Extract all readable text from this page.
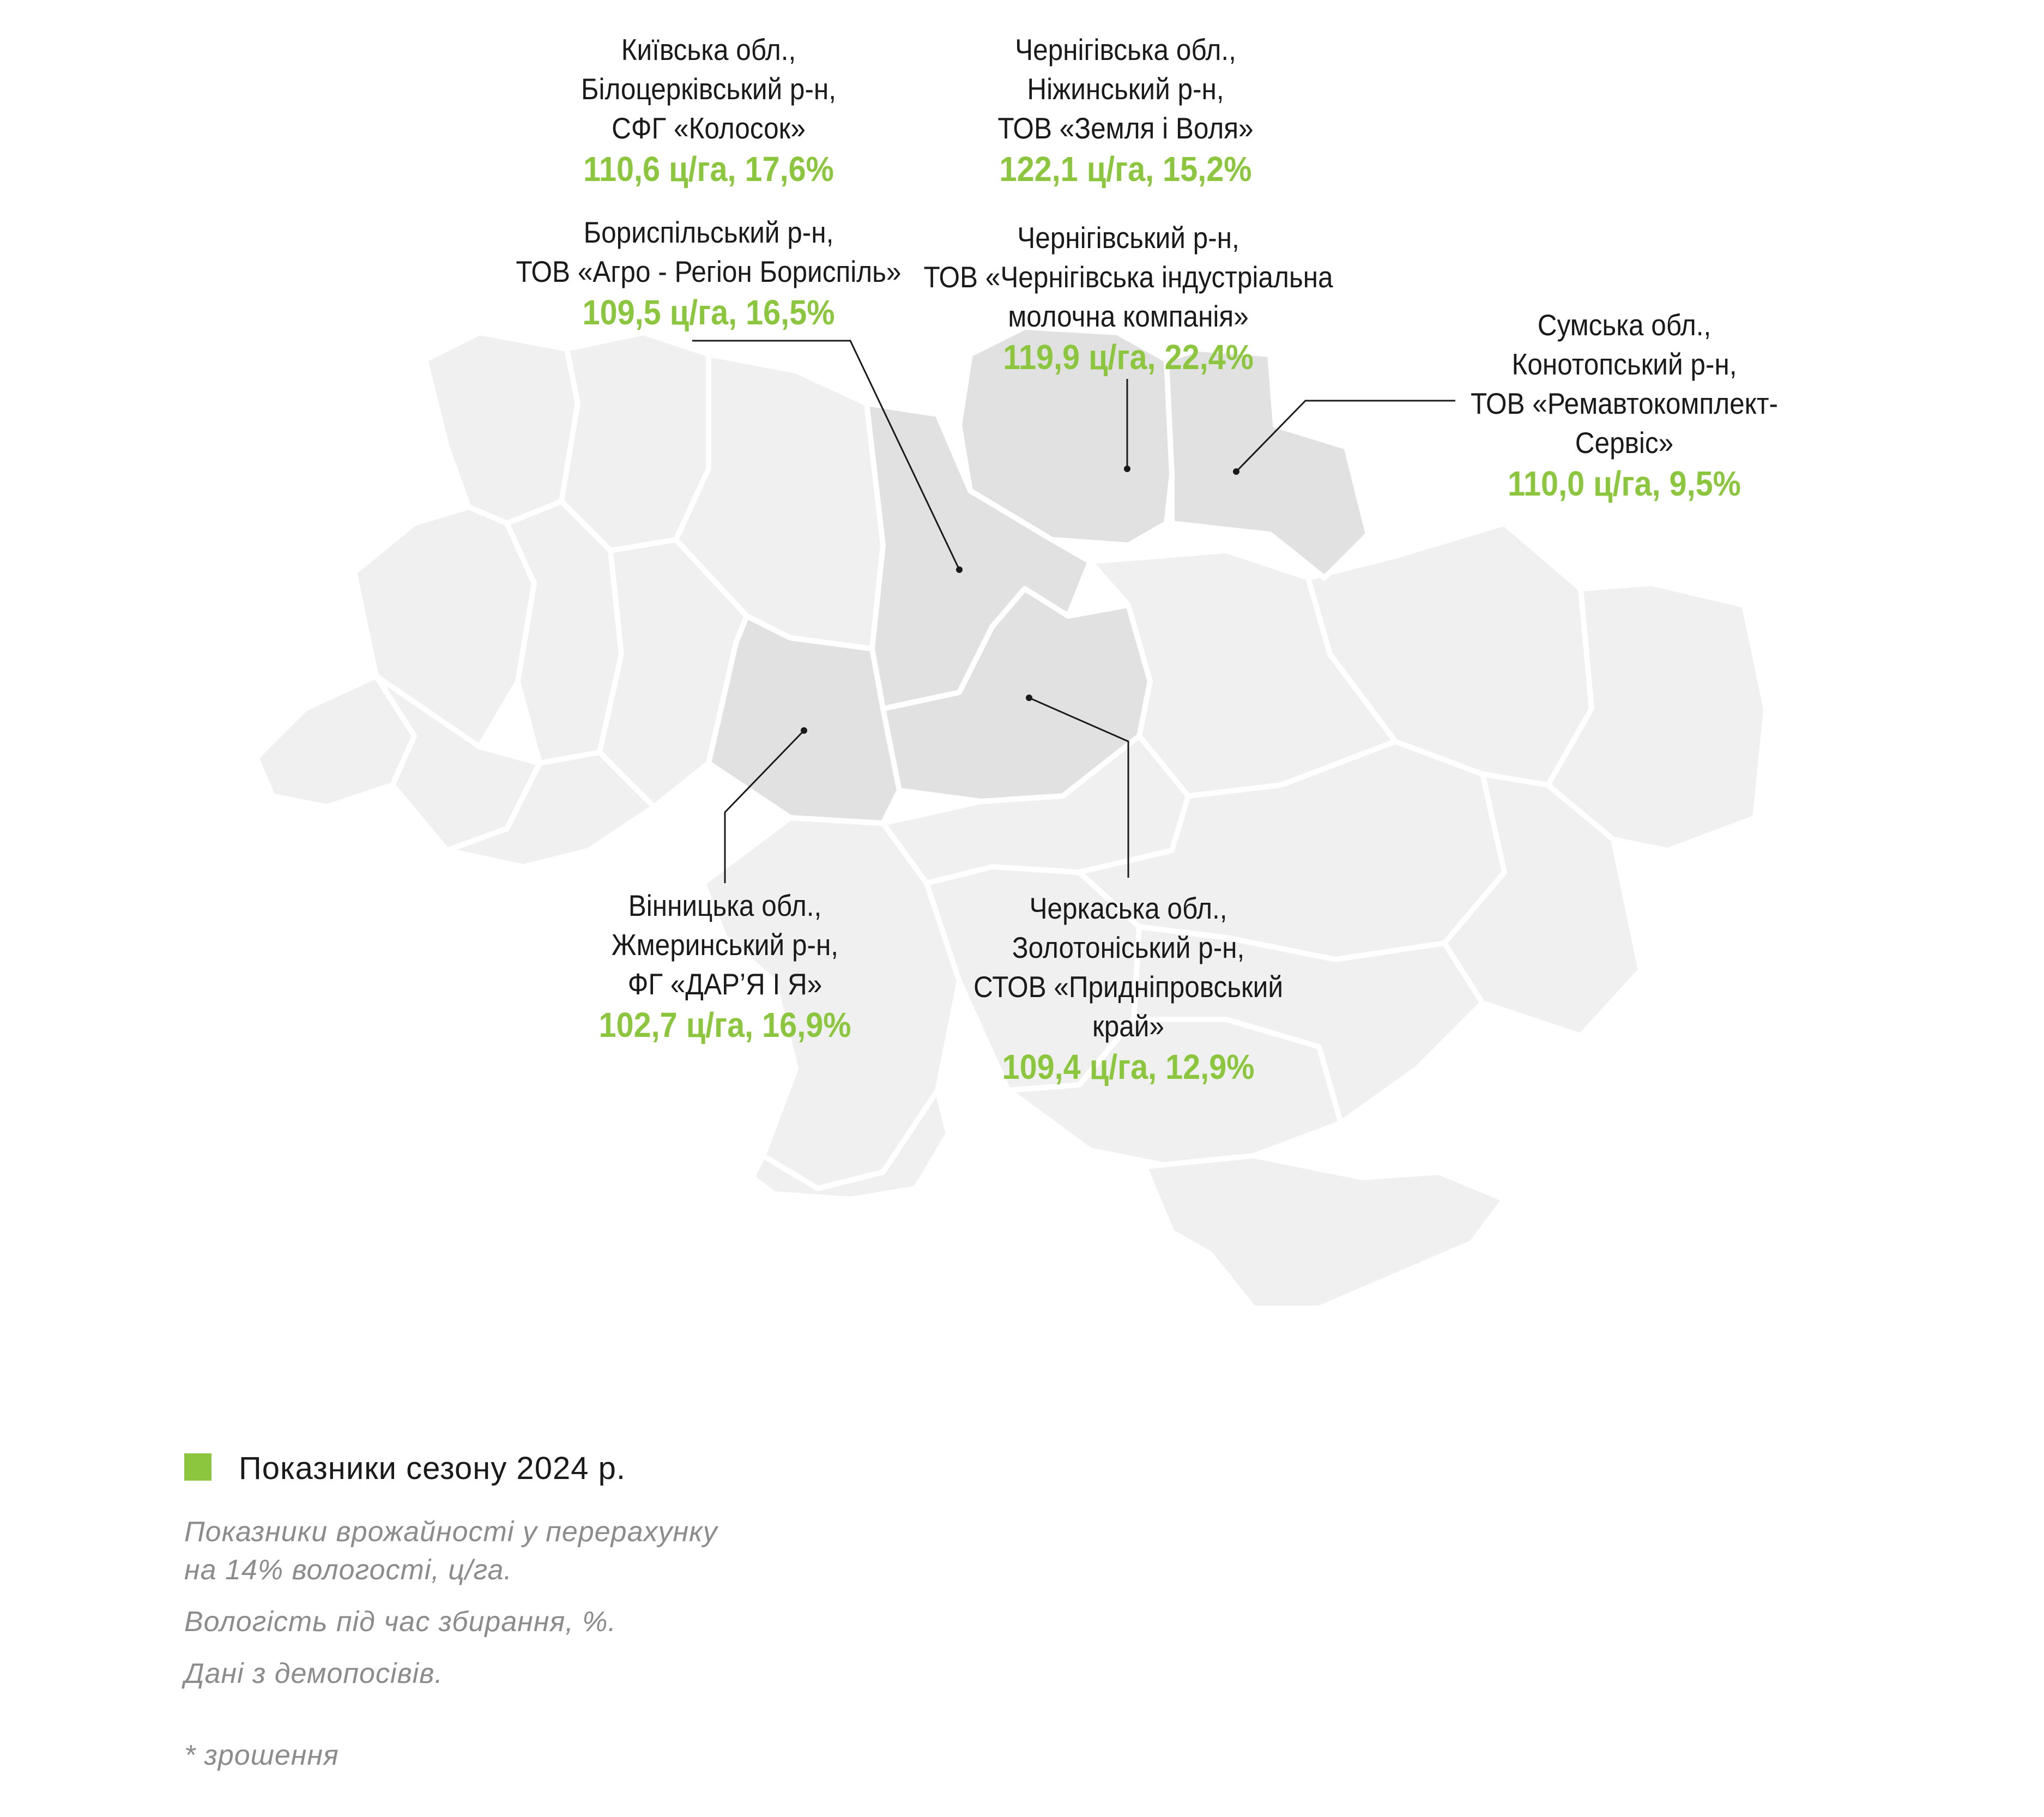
Київська обл.,
Білоцерківський р-н,
СФГ «Колосок»
110,6 ц/га, 17,6%
Бориспільський р-н,
ТОВ «Агро - Регіон Бориспіль»
109,5 ц/га, 16,5%
Чернігівська обл.,
Ніжинський р-н,
ТОВ «Земля і Воля»
122,1 ц/га, 15,2%
Чернігівський р-н,
ТОВ «Чернігівська індустріальна
молочна компанія»
119,9 ц/га, 22,4%
Сумська обл.,
Конотопський р-н,
ТОВ «Ремавтокомплект-
Сервіс»
110,0 ц/га, 9,5%
Вінницька обл.,
Жмеринський р-н,
ФГ «ДАР’Я І Я»
102,7 ц/га, 16,9%
Черкаська обл.,
Золотоніський р-н,
СТОВ «Придніпровський
край»
109,4 ц/га, 12,9%
Показники сезону 2024 р.
Показники врожайності у перерахунку
на 14% вологості, ц/га.
Вологість під час збирання, %.
Дані з демопосівів.
* зрошення
